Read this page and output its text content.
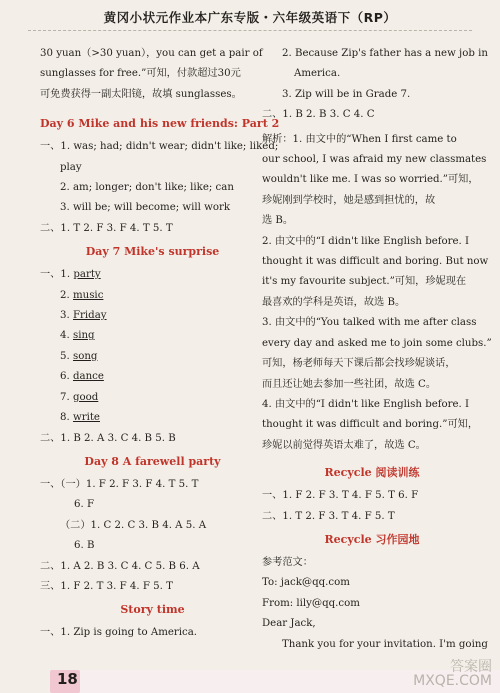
黄冈小状元作业本广东专版・六年级英语下（RP）
30 yuan（>30 yuan），you can get a pair of
sunglasses for free.”可知，付款超过30元
可免费获得一副太阳镜，故填 sunglasses。
Day 6 Mike and his new friends: Part 2
一、1. was; had; didn't wear; didn't like; liked;
play
2. am; longer; don't like; like; can
3. will be; will become; will work
二、1. T 2. F 3. F 4. T 5. T
Day 7 Mike's surprise
一、1. party
2. music
3. Friday
4. sing
5. song
6. dance
7. good
8. write
二、1. B 2. A 3. C 4. B 5. B
Day 8 A farewell party
一、（一）1. F 2. F 3. F 4. T 5. T
6. F
（二）1. C 2. C 3. B 4. A 5. A
6. B
二、1. A 2. B 3. C 4. C 5. B 6. A
三、1. F 2. T 3. F 4. F 5. T
Story time
一、1. Zip is going to America.
2. Because Zip's father has a new job in
America.
3. Zip will be in Grade 7.
二、1. B 2. B 3. C 4. C
解析：1. 由文中的“When I first came to
our school, I was afraid my new classmates
wouldn't like me. I was so worried.”可知，
珍妮刚到学校时，她是感到担忧的，故
选 B。
2. 由文中的“I didn't like English before. I
thought it was difficult and boring. But now
it's my favourite subject.”可知，珍妮现在
最喜欢的学科是英语，故选 B。
3. 由文中的“You talked with me after class
every day and asked me to join some clubs.”
可知，杨老师每天下课后都会找珍妮谈话，
而且还让她去参加一些社团，故选 C。
4. 由文中的“I didn't like English before. I
thought it was difficult and boring.”可知，
珍妮以前觉得英语太难了，故选 C。
Recycle 阅读训练
一、1. F 2. F 3. T 4. F 5. T 6. F
二、1. T 2. F 3. T 4. F 5. T
Recycle 习作园地
参考范文：
To: jack@qq.com
From: lily@qq.com
Dear Jack,
Thank you for your invitation. I'm going
18
答案圈
MXQE.COM
